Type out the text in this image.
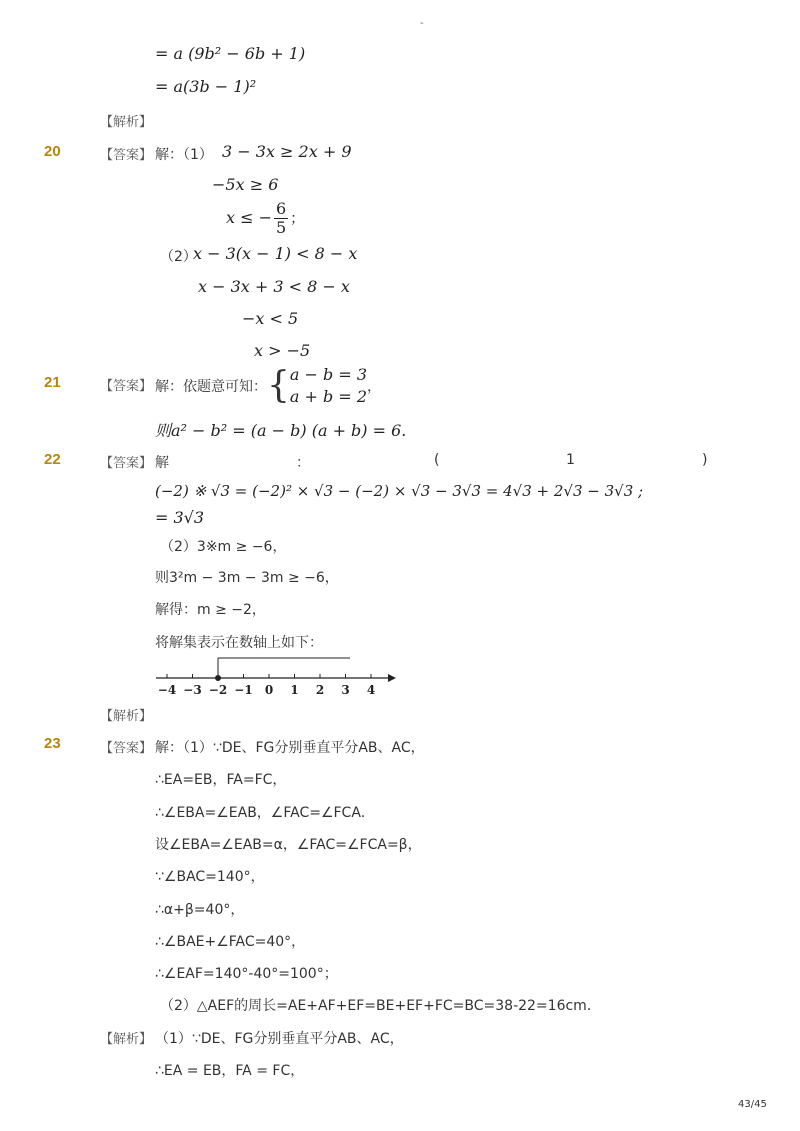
-
= a (9b² − 6b + 1)
= a(3b − 1)²
【解析】
20	【答案】 解：（1） 3 − 3x ≥ 2x + 9
−5x ≥ 6
x ≤ − $\frac{6}{5}$ ；
（2）
x − 3(x − 1) < 8 − x
x − 3x + 3 < 8 − x
−x < 5
x > −5
21	【答案】 解：依题意可知：{ a − b = 3
a + b = 2 ，
则a² − b² = (a − b) (a + b) = 6.
22	【答案】 解	：	(	1	)
(−2) ※ √3 = (−2)² × √3 − (−2) × √3 − 3√3 = 4√3 + 2√3 − 3√3 ;
= 3√3
（2）3※m ≥ −6，
则3²m − 3m − 3m ≥ −6，
解得：m ≥ −2，
将解集表示在数轴上如下：
−4 −3 −2 −1 0 1 2 3 4
【解析】
23	【答案】 解：（1）∵DE、FG分别垂直平分AB、AC，
∴EA=EB，FA=FC，
∴∠EBA=∠EAB，∠FAC=∠FCA．
设∠EBA=∠EAB=α，∠FAC=∠FCA=β，
∵∠BAC=140°，
∴α+β=40°，
∴∠BAE+∠FAC=40°，
∴∠EAF=140°-40°=100°；
（2）△AEF的周长=AE+AF+EF=BE+EF+FC=BC=38-22=16cm．
【解析】 （1）∵DE、FG分别垂直平分AB、AC，
∴EA = EB，FA = FC，
43/45
